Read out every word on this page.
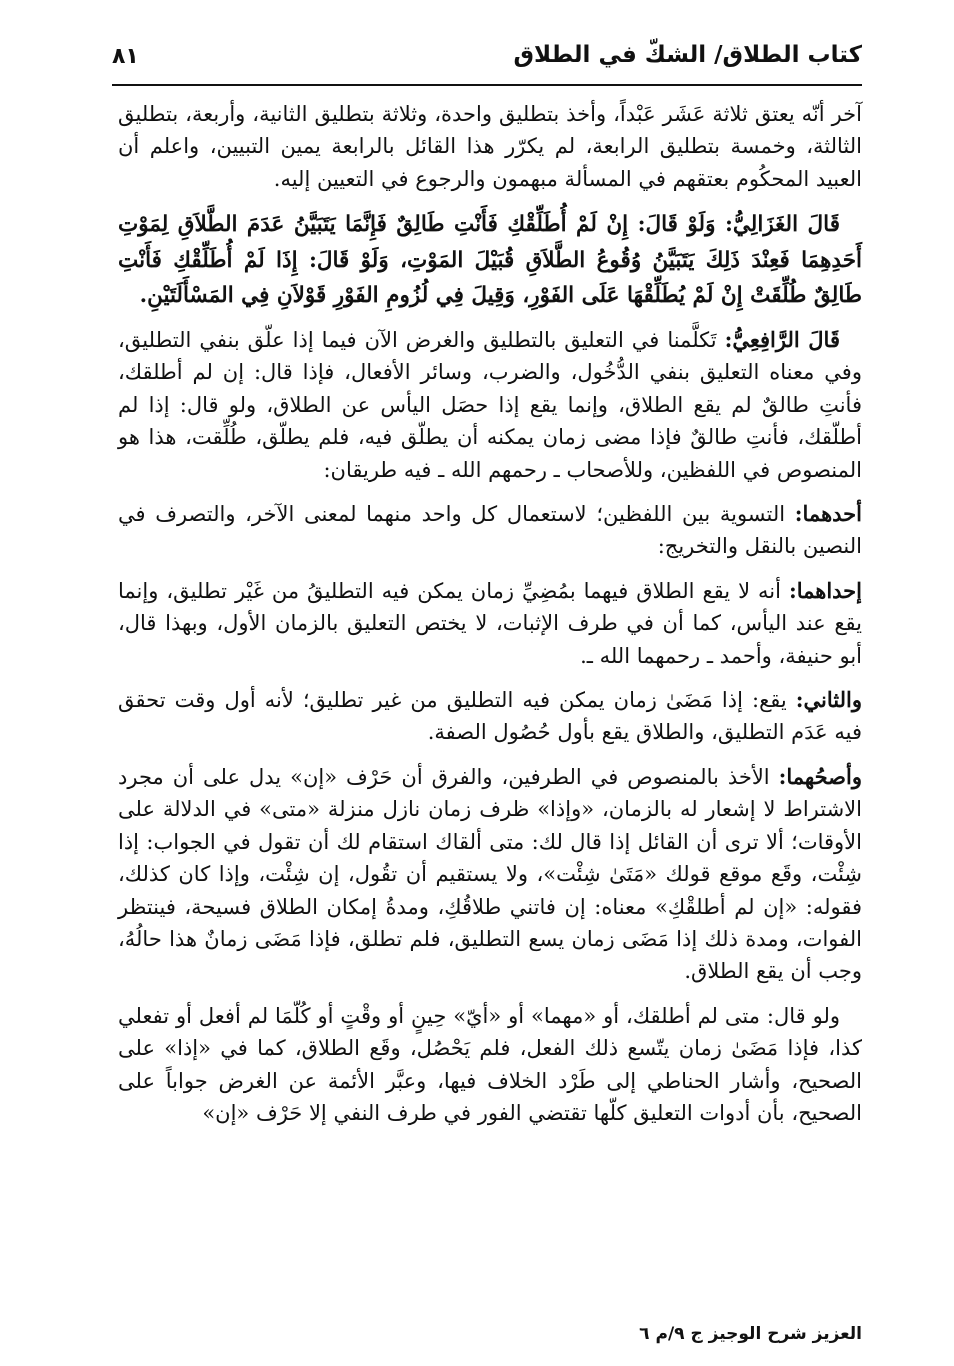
كتاب الطلاق/ الشكّ في الطلاق
٨١

آخر أنّه يعتق ثلاثة عَشَر عَبْداً، وأخذ بتطليق واحدة، وثلاثة بتطليق الثانية، وأربعة، بتطليق الثالثة، وخمسة بتطليق الرابعة، لم يكرّر هذا القائل بالرابعة يمين التبيين، واعلم أن العبيد المحكُوم بعتقهم في المسألة مبهمون والرجوع في التعيين إليه.

قَالَ الغَزَالِيُّ: وَلَوْ قَالَ: إِنْ لَمْ أُطَلِّقْكِ فَأَنْتِ طَالِقٌ فَإِنَّمَا يَتَبَيَّنُ عَدَمَ الطَّلاَقِ لِمَوْتِ أَحَدِهِمَا فَعِنْدَ ذَلِكَ يَتَبَيَّنُ وُقُوعُ الطَّلاَقِ قُبَيْلَ المَوْتِ، وَلَوْ قَالَ: إِذَا لَمْ أُطَلِّقْكِ فَأَنْتِ طَالِقٌ طُلِّقَتْ إِنْ لَمْ يُطَلِّقْهَا عَلَى الفَوْرِ، وَقِيلَ فِي لُزُومِ الفَوْرِ قَوْلاَنِ فِي المَسْأَلَتَيْنِ.

قَالَ الرَّافِعِيُّ: تَكلَّمنا في التعليق بالتطليق والغرض الآن فيما إذا علّق بنفي التطليق، وفي معناه التعليق بنفي الدُّخُول، والضرب، وسائر الأفعال، فإذا قال: إن لم أطلقك، فأنتِ طالقٌ لم يقع الطلاق، وإنما يقع إذا حصَل اليأس عن الطلاق، ولو قال: إذا لم أطلّقك، فأنتِ طالقٌ فإذا مضى زمان يمكنه أن يطلّق فيه، فلم يطلّق، طُلِّقت، هذا هو المنصوص في اللفظين، وللأصحاب ـ رحمهم الله ـ فيه طريقان:

أحدهما: التسوية بين اللفظين؛ لاستعمال كل واحد منهما لمعنى الآخر، والتصرف في النصين بالنقل والتخريج:

إحداهما: أنه لا يقع الطلاق فيهما بمُضِيِّ زمان يمكن فيه التطليقُ من غَيْر تطليق، وإنما يقع عند اليأس، كما أن في طرف الإثبات، لا يختص التعليق بالزمان الأول، وبهذا قال، أبو حنيفة، وأحمد ـ رحمهما الله ـ.

والثاني: يقع: إذا مَضَىٰ زمان يمكن فيه التطليق من غير تطليق؛ لأنه أول وقت تحقق فيه عَدَم التطليق، والطلاق يقع بأول حُصُول الصفة.

وأصحُهما: الأخذ بالمنصوص في الطرفين، والفرق أن حَرْف «إن» يدل على أن مجرد الاشتراط لا إشعار له بالزمان، «وإذا» ظرف زمان نازل منزلة «متى» في الدلالة على الأوقات؛ ألا ترى أن القائل إذا قال لك: متى ألقاك استقام لك أن تقول في الجواب: إذا شِئْت، وقَع موقع قولك «مَتَىٰ شِئْت»، ولا يستقيم أن تقُول، إن شِئْت، وإذا كان كذلك، فقوله: «إن لم أطلقْكِ» معناه: إن فاتني طلاقُكِ، ومدةُ إمكان الطلاق فسيحة، فينتظر الفوات، ومدة ذلك إذا مَضَى زمان يسع التطليق، فلم تطلق، فإذا مَضَى زمانٌ هذا حالُهُ، وجب أن يقع الطلاق.

ولو قال: متى لم أطلقك، أو «مهما» أو «أيّ» حِينٍ أو وقْتٍ أو كُلّمَا لم أفعل أو تفعلي كذا، فإذا مَضَىٰ زمان يتّسع ذلك الفعل، فلم يَحْصُل، وقَع الطلاق، كما في «إذا» على الصحيح، وأشار الحناطي إلى طَرْد الخلاف فيها، وعبَّر الأئمة عن الغرض جواباً على الصحيح، بأن أدوات التعليق كلّها تقتضي الفور في طرف النفي إلا حَرْف «إن»

العزيز شرح الوجيز ج ٩/م ٦
